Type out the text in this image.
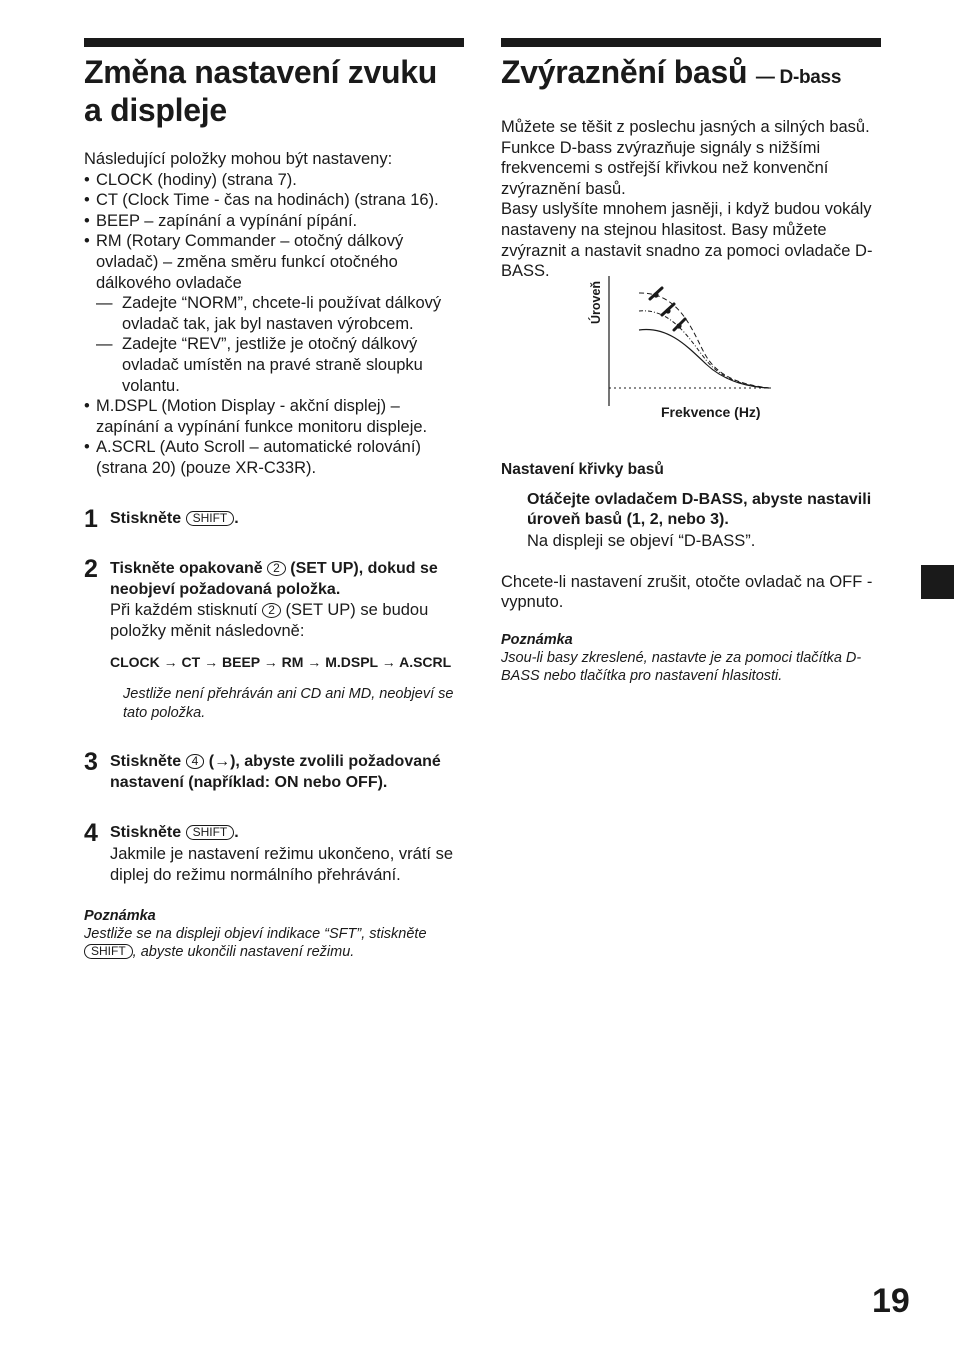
Změna nastavení zvuku
a displeje

Následující položky mohou být nastaveny:

• CLOCK (hodiny) (strana 7).
• CT (Clock Time - čas na hodinách) (strana 16).
• BEEP – zapínání a vypínání pípání.
• RM (Rotary Commander – otočný dálkový ovladač) – změna směru funkcí otočného dálkového ovladače
— Zadejte “NORM”, chcete-li používat dálkový ovladač tak, jak byl nastaven výrobcem.
— Zadejte “REV”, jestliže je otočný dálkový ovladač umístěn na pravé straně sloupku volantu.
• M.DSPL (Motion Display - akční displej) – zapínání a vypínání funkce monitoru displeje.
• A.SCRL (Auto Scroll – automatické rolování) (strana 20) (pouze XR-C33R).
1 Stiskněte SHIFT .
2 Tiskněte opakovaně 2 (SET UP), dokud se neobjeví požadovaná položka.
Při každém stisknutí 2 (SET UP) se budou položky měnit následovně:
CLOCK → CT → BEEP → RM → M.DSPL → A.SCRL
Jestliže není přehráván ani CD ani MD, neobjeví se tato položka.
3 Stiskněte 4 (→), abyste zvolili požadované nastavení (například: ON nebo OFF).
4 Stiskněte SHIFT .
Jakmile je nastavení režimu ukončeno, vrátí se diplej do režimu normálního přehrávání.
Poznámka
Jestliže se na displeji objeví indikace “SFT”, stiskněte SHIFT , abyste ukončili nastavení režimu.
Zvýraznění basů — D-bass

Můžete se těšit z poslechu jasných a silných basů. Funkce D-bass zvýrazňuje signály s nižšími frekvencemi s ostřejší křivkou než konvenční zvýraznění basů.

Basy uslyšíte mnohem jasněji, i když budou vokály nastaveny na stejnou hlasitost. Basy můžete zvýraznit a nastavit snadno za pomoci ovladače D-BASS.

Nastavení křivky basů
Otáčejte ovladačem D-BASS, abyste nastavili úroveň basů (1, 2, nebo 3).
Na displeji se objeví “D-BASS”.

Chcete-li nastavení zrušit, otočte ovladač na OFF - vypnuto.

Poznámka
Jsou-li basy zkreslené, nastavte je za pomoci tlačítka D-BASS nebo tlačítka pro nastavení hlasitosti.
Úroveň
Frekvence (Hz)
19
